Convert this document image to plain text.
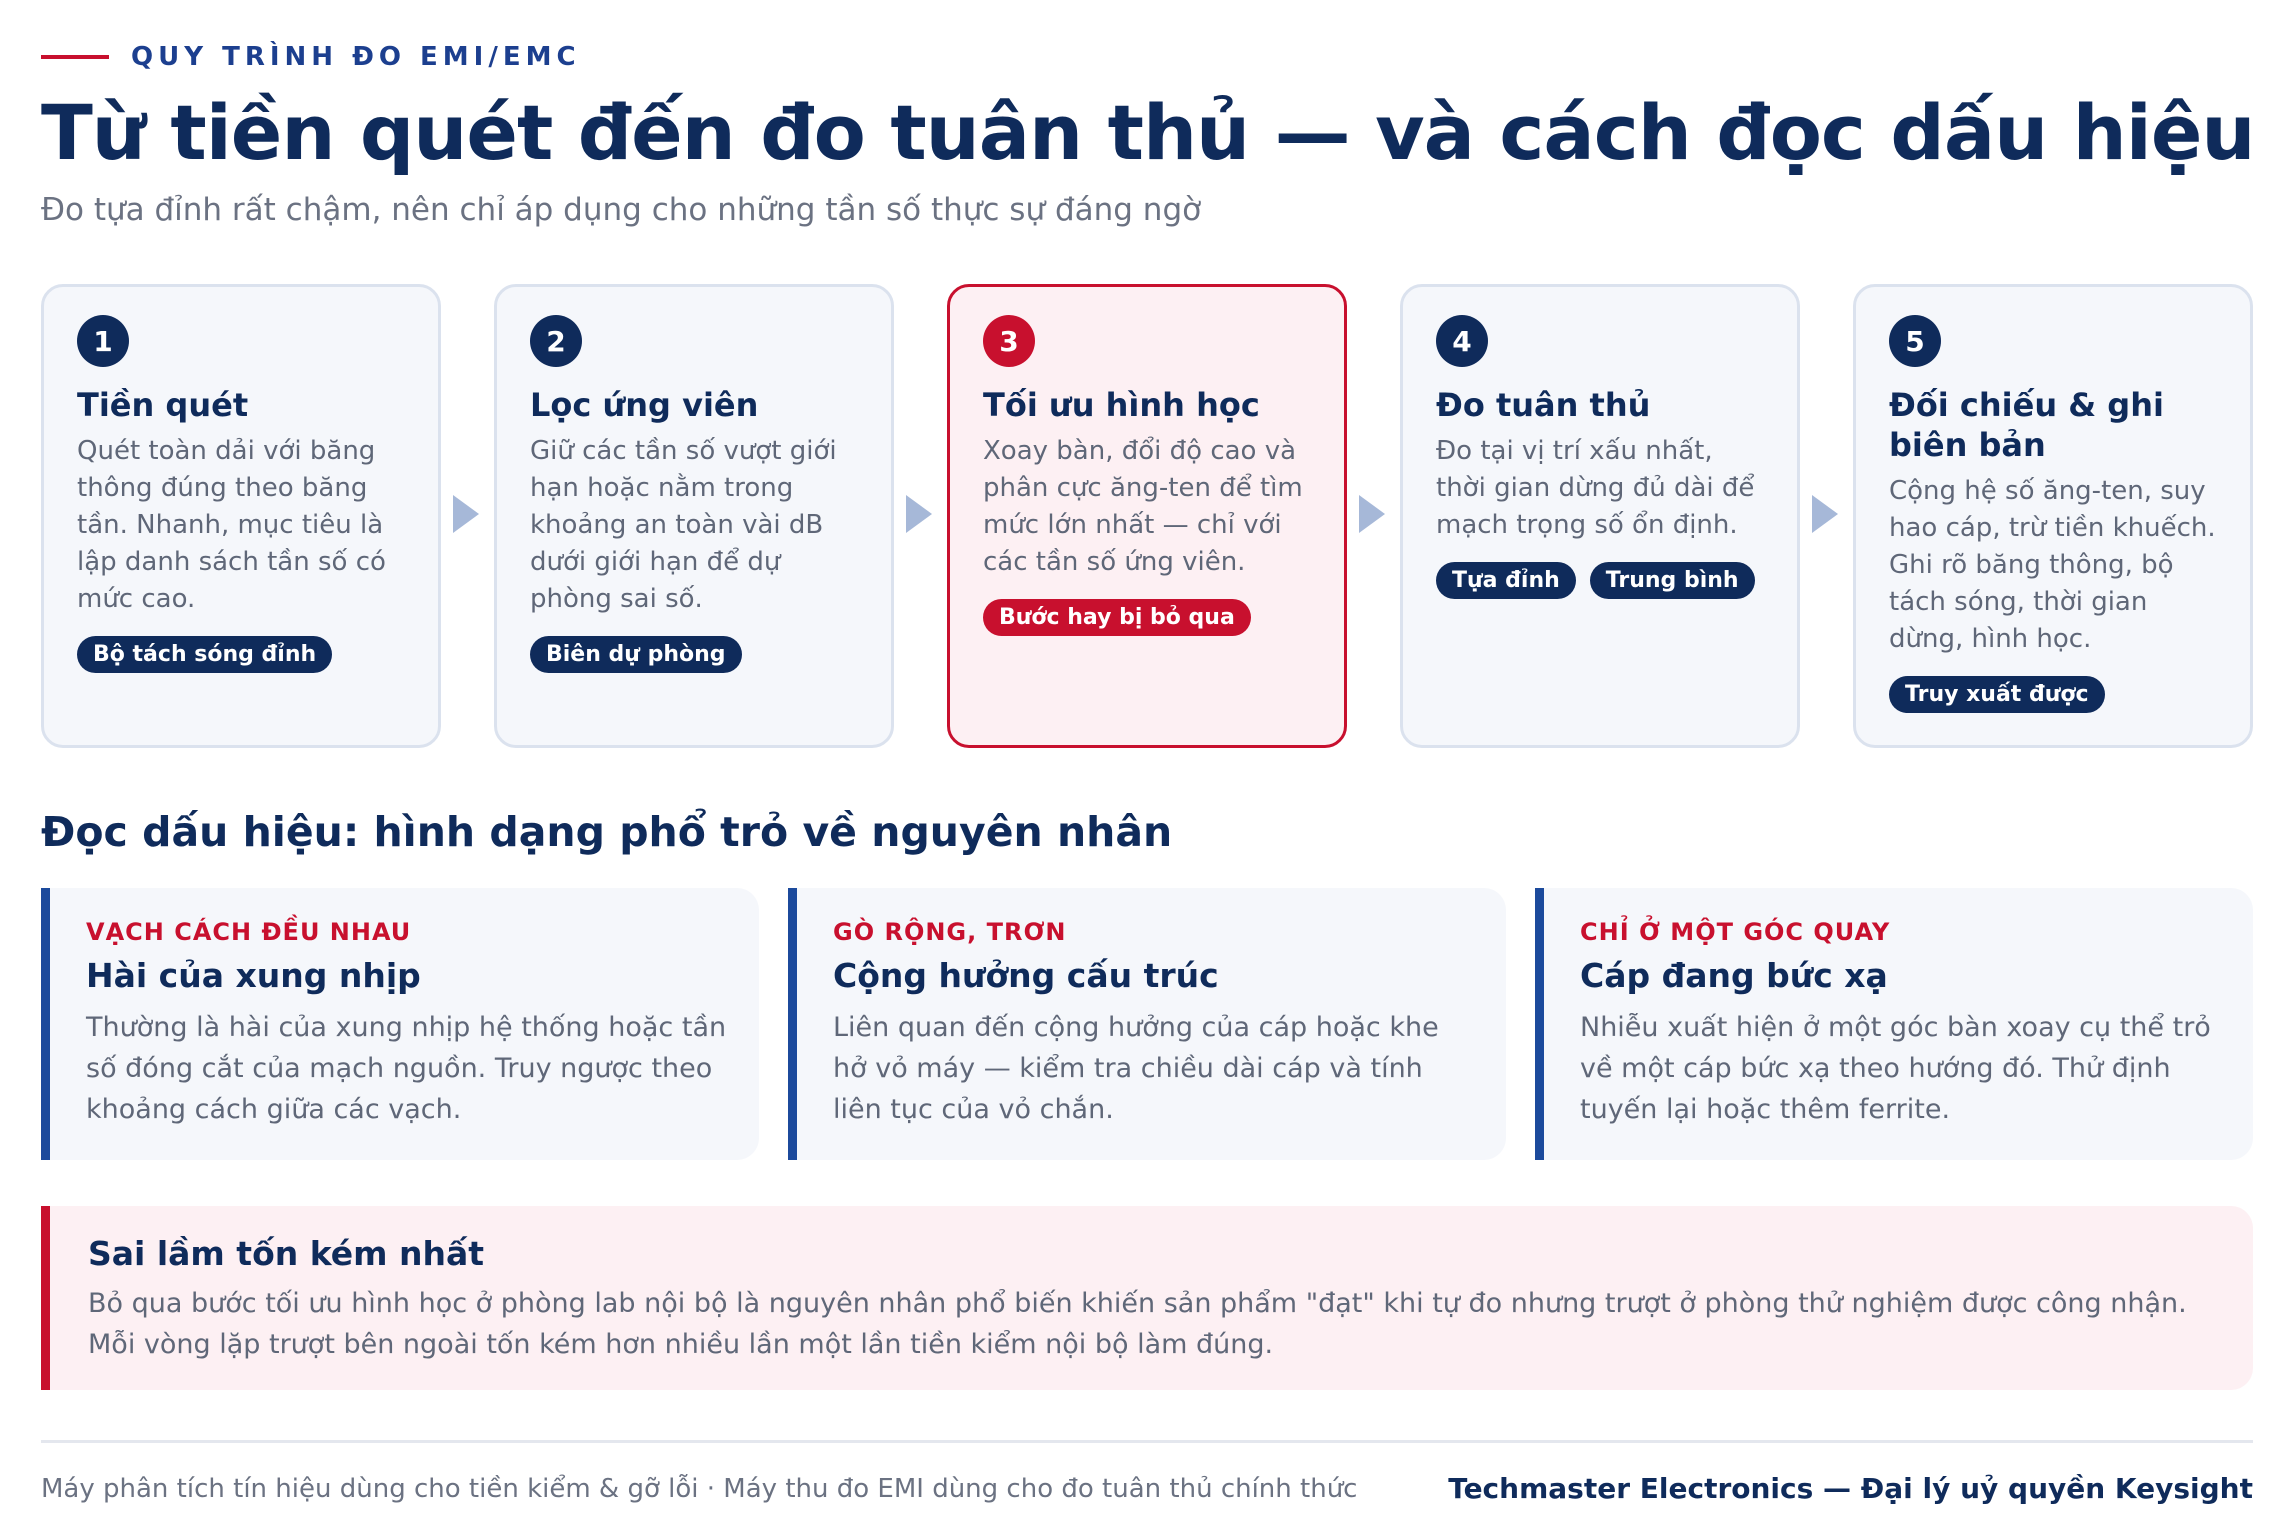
QUY TRÌNH ĐO EMI/EMC
Từ tiền quét đến đo tuân thủ — và cách đọc dấu hiệu

Đo tựa đỉnh rất chậm, nên chỉ áp dụng cho những tần số thực sự đáng ngờ

1
Tiền quét
Quét toàn dải với băng thông đúng theo băng tần. Nhanh, mục tiêu là lập danh sách tần số có mức cao.
Bộ tách sóng đỉnh
2
Lọc ứng viên
Giữ các tần số vượt giới hạn hoặc nằm trong khoảng an toàn vài dB dưới giới hạn để dự phòng sai số.
Biên dự phòng
3
Tối ưu hình học
Xoay bàn, đổi độ cao và phân cực ăng-ten để tìm mức lớn nhất — chỉ với các tần số ứng viên.
Bước hay bị bỏ qua
4
Đo tuân thủ
Đo tại vị trí xấu nhất, thời gian dừng đủ dài để mạch trọng số ổn định.
Tựa đỉnh	Trung bình
5
Đối chiếu & ghi biên bản
Cộng hệ số ăng-ten, suy hao cáp, trừ tiền khuếch. Ghi rõ băng thông, bộ tách sóng, thời gian dừng, hình học.
Truy xuất được
Đọc dấu hiệu: hình dạng phổ trỏ về nguyên nhân
VẠCH CÁCH ĐỀU NHAU
Hài của xung nhịp
Thường là hài của xung nhịp hệ thống hoặc tần số đóng cắt của mạch nguồn. Truy ngược theo khoảng cách giữa các vạch.
GÒ RỘNG, TRƠN
Cộng hưởng cấu trúc
Liên quan đến cộng hưởng của cáp hoặc khe hở vỏ máy — kiểm tra chiều dài cáp và tính liên tục của vỏ chắn.
CHỈ Ở MỘT GÓC QUAY
Cáp đang bức xạ
Nhiễu xuất hiện ở một góc bàn xoay cụ thể trỏ về một cáp bức xạ theo hướng đó. Thử định tuyến lại hoặc thêm ferrite.
Sai lầm tốn kém nhất
Bỏ qua bước tối ưu hình học ở phòng lab nội bộ là nguyên nhân phổ biến khiến sản phẩm "đạt" khi tự đo nhưng trượt ở phòng thử nghiệm được công nhận. Mỗi vòng lặp trượt bên ngoài tốn kém hơn nhiều lần một lần tiền kiểm nội bộ làm đúng.
Máy phân tích tín hiệu dùng cho tiền kiểm & gỡ lỗi · Máy thu đo EMI dùng cho đo tuân thủ chính thức	Techmaster Electronics — Đại lý uỷ quyền Keysight
